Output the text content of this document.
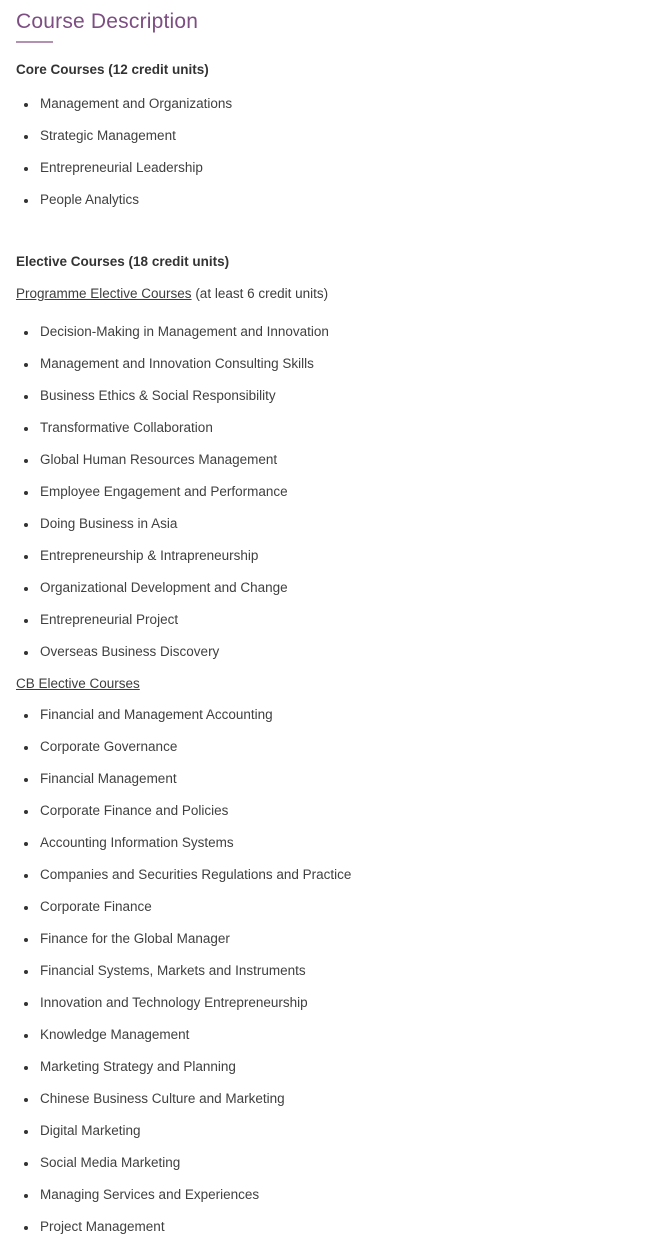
Course Description

Core Courses (12 credit units)

• Management and Organizations
• Strategic Management
• Entrepreneurial Leadership
• People Analytics

Elective Courses (18 credit units)

Programme Elective Courses (at least 6 credit units)

• Decision-Making in Management and Innovation
• Management and Innovation Consulting Skills
• Business Ethics & Social Responsibility
• Transformative Collaboration
• Global Human Resources Management
• Employee Engagement and Performance
• Doing Business in Asia
• Entrepreneurship & Intrapreneurship
• Organizational Development and Change
• Entrepreneurial Project
• Overseas Business Discovery

CB Elective Courses

• Financial and Management Accounting
• Corporate Governance
• Financial Management
• Corporate Finance and Policies
• Accounting Information Systems
• Companies and Securities Regulations and Practice
• Corporate Finance
• Finance for the Global Manager
• Financial Systems, Markets and Instruments
• Innovation and Technology Entrepreneurship
• Knowledge Management
• Marketing Strategy and Planning
• Chinese Business Culture and Marketing
• Digital Marketing
• Social Media Marketing
• Managing Services and Experiences
• Project Management
